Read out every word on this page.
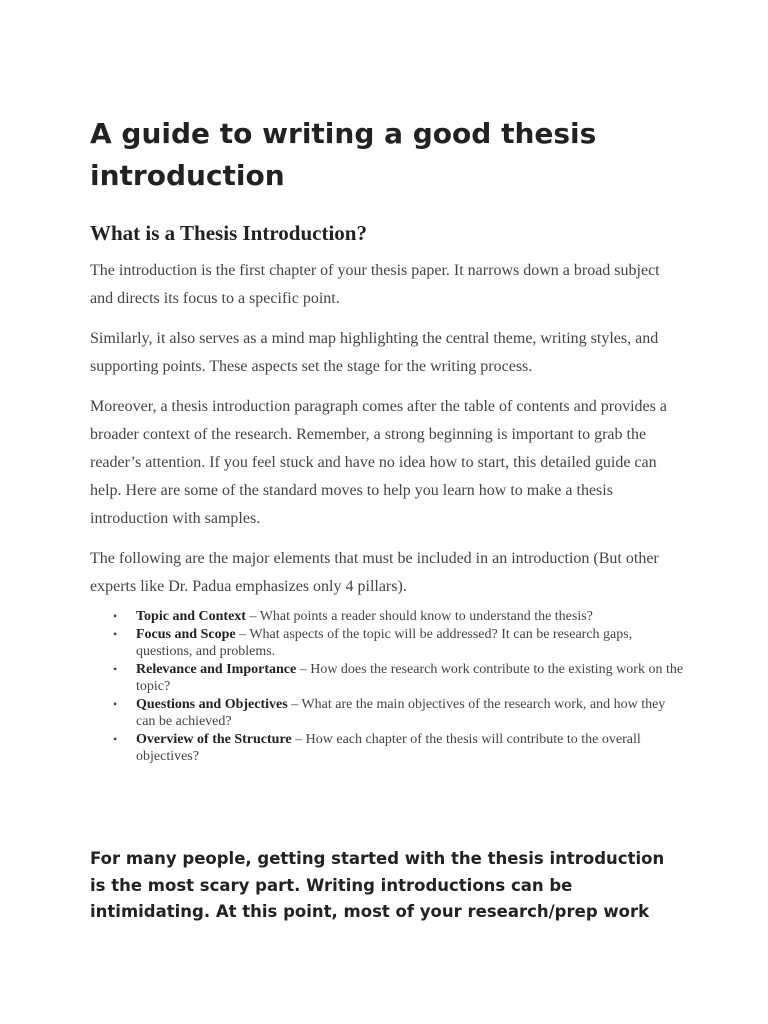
A guide to writing a good thesis introduction
What is a Thesis Introduction?

The introduction is the first chapter of your thesis paper. It narrows down a broad subject and directs its focus to a specific point.

Similarly, it also serves as a mind map highlighting the central theme, writing styles, and supporting points. These aspects set the stage for the writing process.

Moreover, a thesis introduction paragraph comes after the table of contents and provides a broader context of the research. Remember, a strong beginning is important to grab the reader’s attention. If you feel stuck and have no idea how to start, this detailed guide can help. Here are some of the standard moves to help you learn how to make a thesis introduction with samples.

The following are the major elements that must be included in an introduction (But other experts like Dr. Padua emphasizes only 4 pillars).

• Topic and Context – What points a reader should know to understand the thesis?
• Focus and Scope – What aspects of the topic will be addressed? It can be research gaps, questions, and problems.
• Relevance and Importance – How does the research work contribute to the existing work on the topic?
• Questions and Objectives – What are the main objectives of the research work, and how they can be achieved?
• Overview of the Structure – How each chapter of the thesis will contribute to the overall objectives?

For many people, getting started with the thesis introduction is the most scary part. Writing introductions can be intimidating. At this point, most of your research/prep work
